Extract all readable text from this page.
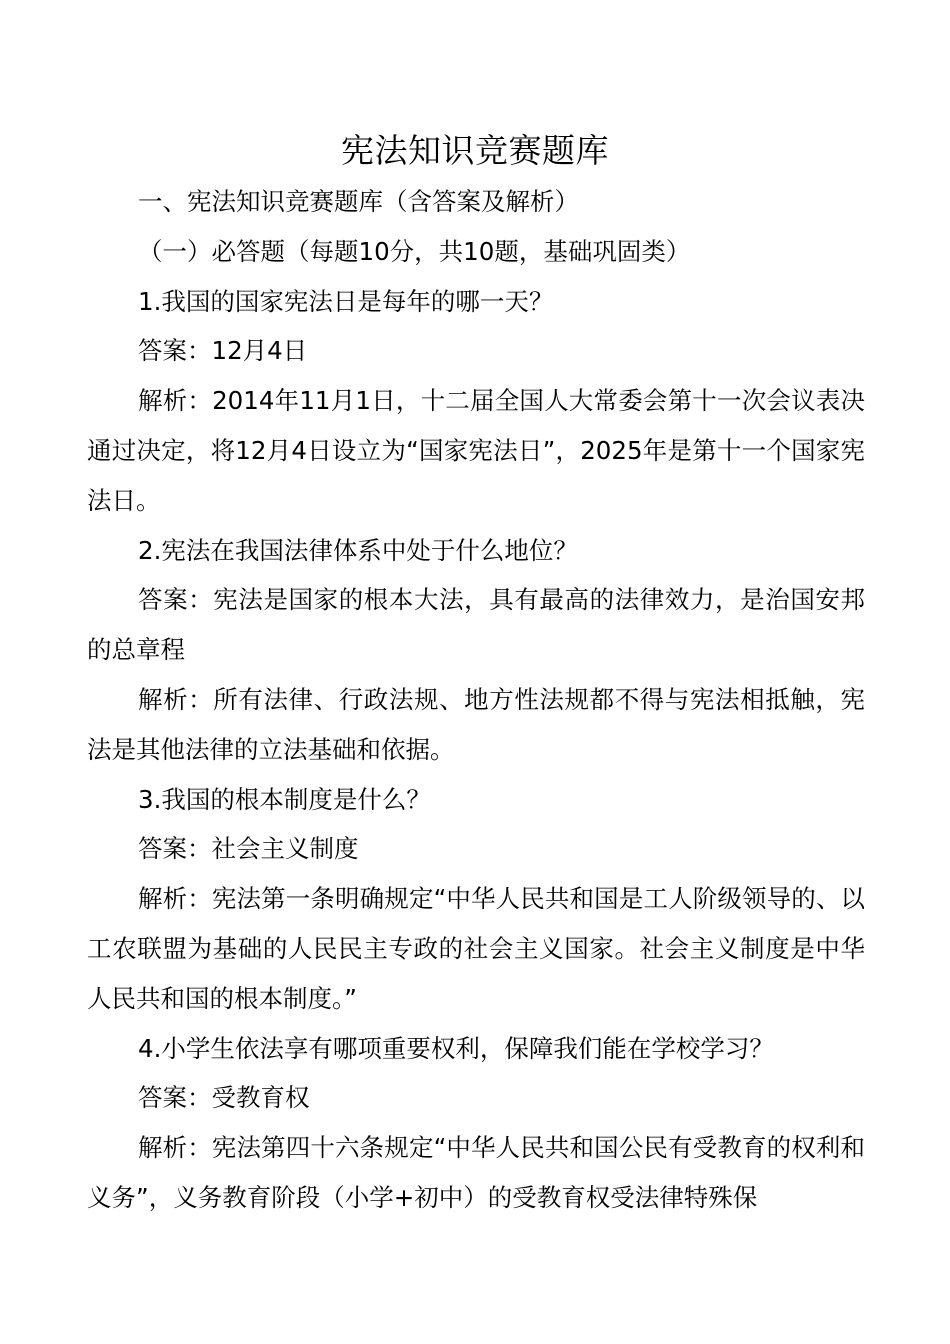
宪法知识竞赛题库

一、宪法知识竞赛题库（含答案及解析）

（一）必答题（每题10分，共10题，基础巩固类）

1.我国的国家宪法日是每年的哪一天？

答案：12月4日

解析：2014年11月1日，十二届全国人大常委会第十一次会议表决通过决定，将12月4日设立为“国家宪法日”，2025年是第十一个国家宪法日。

2.宪法在我国法律体系中处于什么地位？

答案：宪法是国家的根本大法，具有最高的法律效力，是治国安邦的总章程

解析：所有法律、行政法规、地方性法规都不得与宪法相抵触，宪法是其他法律的立法基础和依据。

3.我国的根本制度是什么？

答案：社会主义制度

解析：宪法第一条明确规定“中华人民共和国是工人阶级领导的、以工农联盟为基础的人民民主专政的社会主义国家。社会主义制度是中华人民共和国的根本制度。”

4.小学生依法享有哪项重要权利，保障我们能在学校学习？

答案：受教育权

解析：宪法第四十六条规定“中华人民共和国公民有受教育的权利和义务”，义务教育阶段（小学+初中）的受教育权受法律特殊保
